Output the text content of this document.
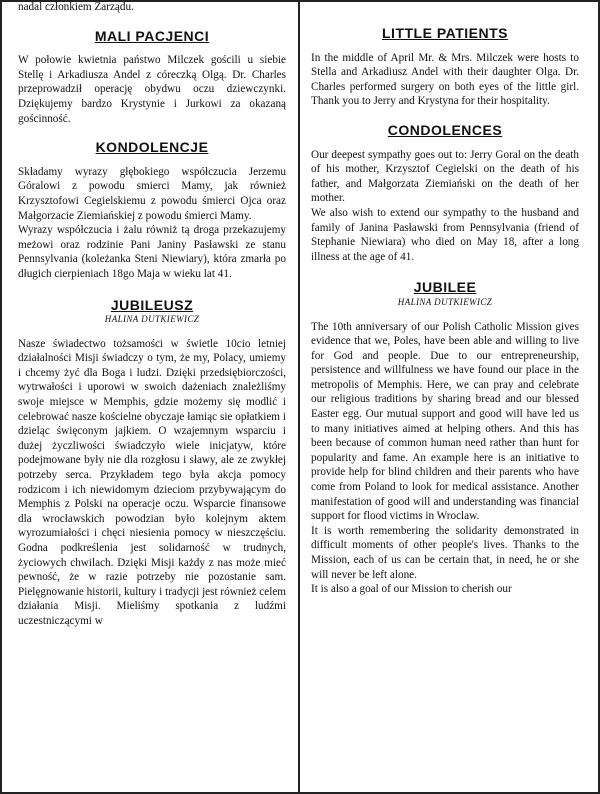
nadal członkiem Zarządu.

MALI PACJENCI

W połowie kwietnia państwo Milczek gościli u siebie Stellę i Arkadiusza Andel z córeczką Olgą. Dr. Charles przeprowadził operację obydwu oczu dziewczynki. Dziękujemy bardzo Krystynie i Jurkowi za okazaną gościnność.

KONDOLENCJE

Składamy wyrazy głębokiego współczucia Jerzemu Góralowi z powodu smierci Mamy, jak również Krzysztofowi Cegielskiemu z powodu śmierci Ojca oraz Małgorzacie Ziemiańskiej z powodu śmierci Mamy.

Wyrazy współczucia i żalu równiż tą droga przekazujemy meżowi oraz rodzinie Pani Janiny Pasławski ze stanu Pennsylvania (koleżanka Steni Niewiary), która zmarła po długich cierpieniach 18go Maja w wieku lat 41.

JUBILEUSZ
HALINA DUTKIEWICZ

Nasze świadectwo tożsamości w świetle 10cio letniej działalności Misji świadczy o tym, że my, Polacy, umiemy i chcemy żyć dla Boga i ludzi. Dzięki przedsiębiorczości, wytrwałości i uporowi w swoich dażeniach znależliśmy swoje miejsce w Memphis, gdzie możemy się modlić i celebrować nasze kościelne obyczaje łamiąc sie opłatkiem i dzieląc święconym jajkiem. O wzajemnym wsparciu i dużej życzliwości świadczyło wiele inicjatyw, które podejmowane były nie dla rozgłosu i sławy, ale ze zwykłej potrzeby serca. Przykładem tego była akcja pomocy rodzicom i ich niewidomym dzieciom przybywającym do Memphis z Polski na operacje oczu. Wsparcie finansowe dla wrocławskich powodzian było kolejnym aktem wyrozumiałości i chęci niesienia pomocy w nieszczęściu. Godna podkreślenia jest solidarność w trudnych, życiowych chwilach. Dzięki Misji każdy z nas może mieć pewność, że w razie potrzeby nie pozostanie sam. Pielęgnowanie historii, kultury i tradycji jest również celem działania Misji. Mieliśmy spotkania z ludźmi uczestniczącymi w

LITTLE PATIENTS

In the middle of April Mr. & Mrs. Milczek were hosts to Stella and Arkadiusz Andel with their daughter Olga. Dr. Charles performed surgery on both eyes of the little girl. Thank you to Jerry and Krystyna for their hospitality.

CONDOLENCES

Our deepest sympathy goes out to: Jerry Goral on the death of his mother, Krzysztof Cegielski on the death of his father, and Małgorzata Ziemiański on the death of her mother.

We also wish to extend our sympathy to the husband and family of Janina Pasławski from Pennsylvania (friend of Stephanie Niewiara) who died on May 18, after a long illness at the age of 41.

JUBILEE
HALINA DUTKIEWICZ

The 10th anniversary of our Polish Catholic Mission gives evidence that we, Poles, have been able and willing to live for God and people. Due to our entrepreneurship, persistence and willfulness we have found our place in the metropolis of Memphis. Here, we can pray and celebrate our religious traditions by sharing bread and our blessed Easter egg. Our mutual support and good will have led us to many initiatives aimed at helping others. And this has been because of common human need rather than hunt for popularity and fame. An example here is an initiative to provide help for blind children and their parents who have come from Poland to look for medical assistance. Another manifestation of good will and understanding was financial support for flood victims in Wroclaw.

It is worth remembering the solidarity demonstrated in difficult moments of other people's lives. Thanks to the Mission, each of us can be certain that, in need, he or she will never be left alone.

It is also a goal of our Mission to cherish our
